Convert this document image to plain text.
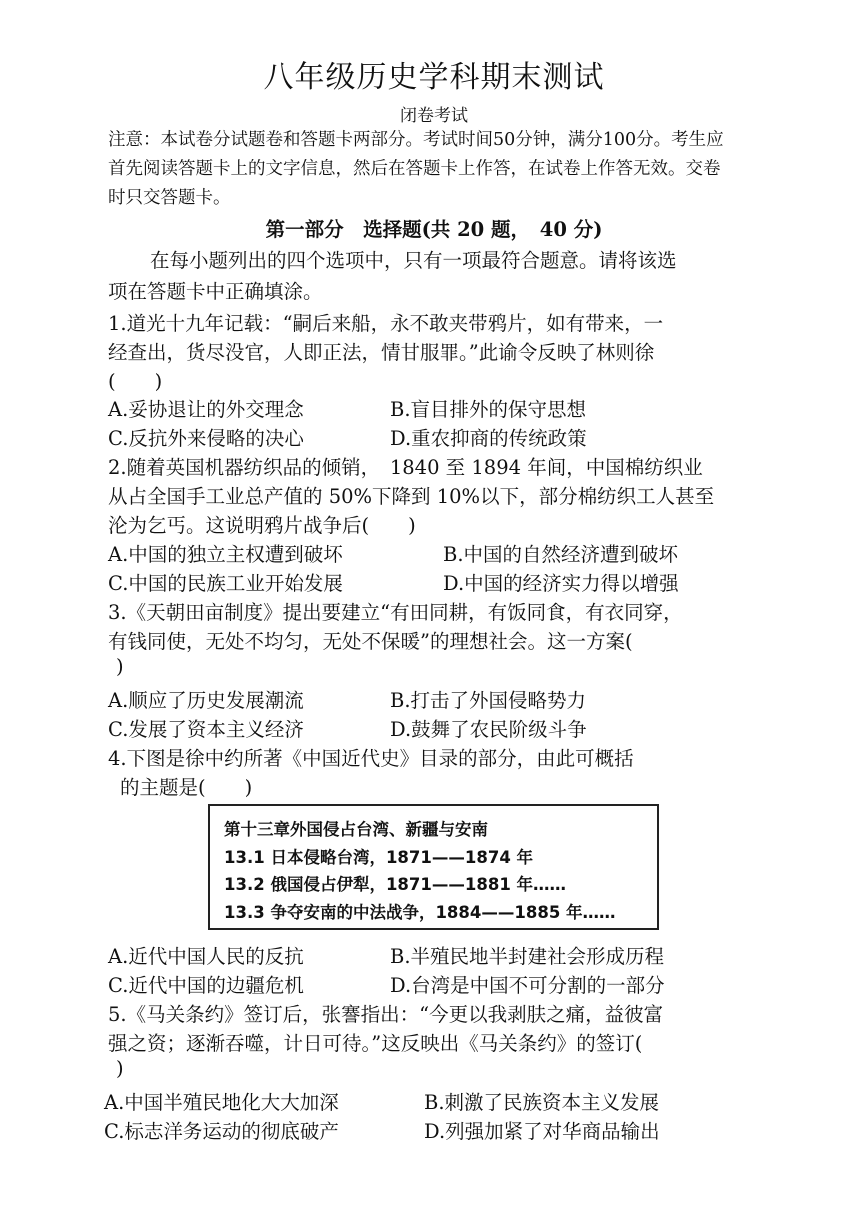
八年级历史学科期末测试
闭卷考试
注意：本试卷分试题卷和答题卡两部分。考试时间50分钟，满分100分。考生应
首先阅读答题卡上的文字信息，然后在答题卡上作答，在试卷上作答无效。交卷
时只交答题卡。
第一部分　选择题(共 20 题，　40 分)
在每小题列出的四个选项中，只有一项最符合题意。请将该选
项在答题卡中正确填涂。
1.道光十九年记载：“嗣后来船，永不敢夹带鸦片，如有带来，一
经查出，货尽没官，人即正法，情甘服罪。”此谕令反映了林则徐
(　　)
A.妥协退让的外交理念	B.盲目排外的保守思想
C.反抗外来侵略的决心	D.重农抑商的传统政策
2.随着英国机器纺织品的倾销，　1840 至 1894 年间，中国棉纺织业
从占全国手工业总产值的 50%下降到 10%以下，部分棉纺织工人甚至
沦为乞丐。这说明鸦片战争后(　　)
A.中国的独立主权遭到破坏	B.中国的自然经济遭到破坏
C.中国的民族工业开始发展	D.中国的经济实力得以增强
3.《天朝田亩制度》提出要建立“有田同耕，有饭同食，有衣同穿，
有钱同使，无处不均匀，无处不保暖”的理想社会。这一方案(
)
A.顺应了历史发展潮流	B.打击了外国侵略势力
C.发展了资本主义经济	D.鼓舞了农民阶级斗争
4.下图是徐中约所著《中国近代史》目录的部分，由此可概括
的主题是(　　)
第十三章外国侵占台湾、新疆与安南
13.1 日本侵略台湾，1871——1874 年
13.2 俄国侵占伊犁，1871——1881 年……
13.3 争夺安南的中法战争，1884——1885 年……
A.近代中国人民的反抗	B.半殖民地半封建社会形成历程
C.近代中国的边疆危机	D.台湾是中国不可分割的一部分
5.《马关条约》签订后，张謇指出：“今更以我剥肤之痛，益彼富
强之资；逐渐吞噬，计日可待。”这反映出《马关条约》的签订(
)
A.中国半殖民地化大大加深	B.刺激了民族资本主义发展
C.标志洋务运动的彻底破产	D.列强加紧了对华商品输出
